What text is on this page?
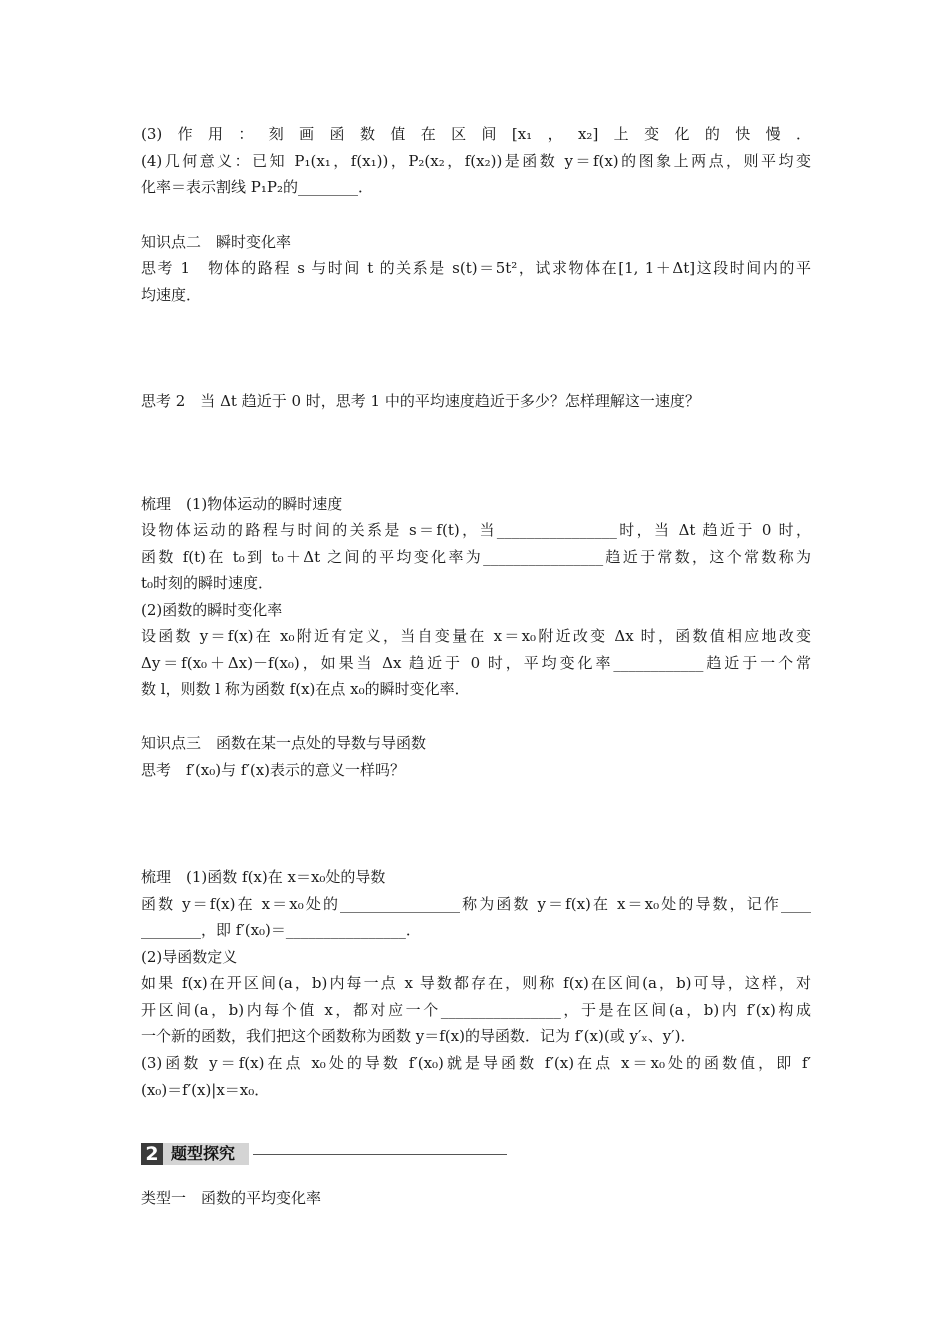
(3)作用：刻画函数值在区间[x₁，x₂]上变化的快慢．
(4)几何意义：已知 P₁(x₁，f(x₁))，P₂(x₂，f(x₂))是函数 y＝f(x)的图象上两点，则平均变
化率＝表示割线 P₁P₂的________．
知识点二　瞬时变化率
思考 1　物体的路程 s 与时间 t 的关系是 s(t)＝5t²，试求物体在[1, 1＋Δt]这段时间内的平
均速度．
思考 2　当 Δt 趋近于 0 时，思考 1 中的平均速度趋近于多少？怎样理解这一速度？
梳理　(1)物体运动的瞬时速度
设物体运动的路程与时间的关系是 s＝f(t)，当________________时，当 Δt 趋近于 0 时，
函数 f(t)在 t₀到 t₀＋Δt 之间的平均变化率为________________趋近于常数，这个常数称为
t₀时刻的瞬时速度．
(2)函数的瞬时变化率
设函数 y＝f(x)在 x₀附近有定义，当自变量在 x＝x₀附近改变 Δx 时，函数值相应地改变
Δy＝f(x₀＋Δx)－f(x₀)，如果当 Δx 趋近于 0 时，平均变化率____________趋近于一个常
数 l，则数 l 称为函数 f(x)在点 x₀的瞬时变化率．
知识点三　函数在某一点处的导数与导函数
思考　f′(x₀)与 f′(x)表示的意义一样吗？
梳理　(1)函数 f(x)在 x＝x₀处的导数
函数 y＝f(x)在 x＝x₀处的________________称为函数 y＝f(x)在 x＝x₀处的导数，记作____
________，即 f′(x₀)＝________________．
(2)导函数定义
如果 f(x)在开区间(a，b)内每一点 x 导数都存在，则称 f(x)在区间(a，b)可导，这样，对
开区间(a，b)内每个值 x，都对应一个________________，于是在区间(a，b)内 f′(x)构成
一个新的函数，我们把这个函数称为函数 y＝f(x)的导函数．记为 f′(x)(或 y′ₓ、y′)．
(3)函数 y＝f(x)在点 x₀处的导数 f′(x₀)就是导函数 f′(x)在点 x＝x₀处的函数值，即 f′
(x₀)＝f′(x)|x＝x₀．
2 题型探究
类型一　函数的平均变化率
